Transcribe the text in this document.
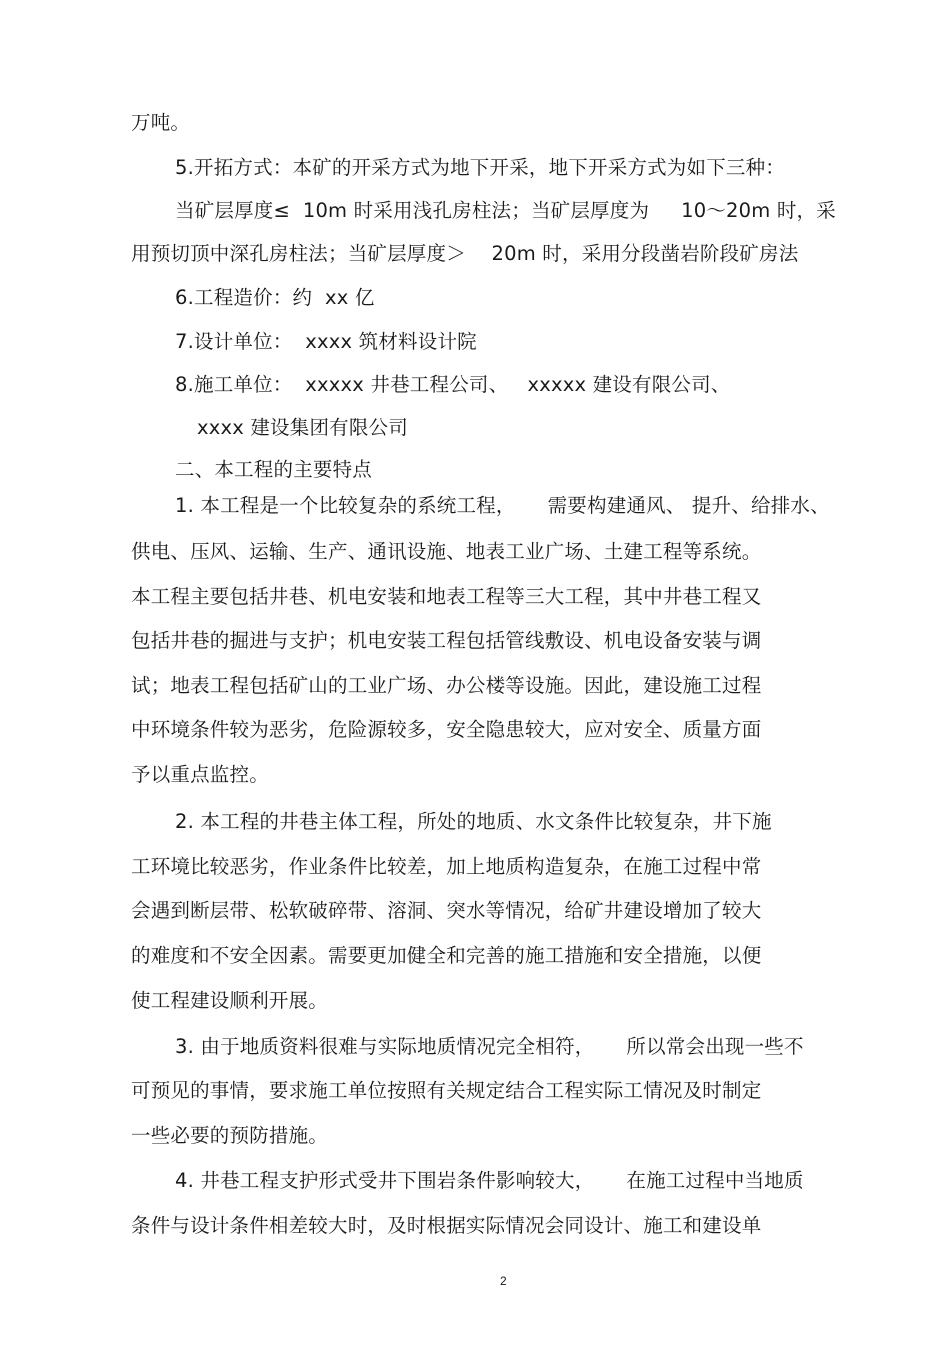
万吨。
5.开拓方式：本矿的开采方式为地下开采，地下开采方式为如下三种：
当矿层厚度≤  10m 时采用浅孔房柱法；当矿层厚度为     10～20m 时，采
用预切顶中深孔房柱法；当矿层厚度＞    20m 时，采用分段凿岩阶段矿房法
6.工程造价：约  xx 亿
7.设计单位：  xxxx 筑材料设计院
8.施工单位：  xxxxx 井巷工程公司、   xxxxx 建设有限公司、
xxxx 建设集团有限公司
二、本工程的主要特点
1. 本工程是一个比较复杂的系统工程，     需要构建通风、 提升、给排水、
供电、压风、运输、生产、通讯设施、地表工业广场、土建工程等系统。
本工程主要包括井巷、机电安装和地表工程等三大工程，其中井巷工程又
包括井巷的掘进与支护；机电安装工程包括管线敷设、机电设备安装与调
试；地表工程包括矿山的工业广场、办公楼等设施。因此，建设施工过程
中环境条件较为恶劣，危险源较多，安全隐患较大，应对安全、质量方面
予以重点监控。
2. 本工程的井巷主体工程，所处的地质、水文条件比较复杂，井下施
工环境比较恶劣，作业条件比较差，加上地质构造复杂，在施工过程中常
会遇到断层带、松软破碎带、溶洞、突水等情况，给矿井建设增加了较大
的难度和不安全因素。需要更加健全和完善的施工措施和安全措施，以便
使工程建设顺利开展。
3. 由于地质资料很难与实际地质情况完全相符，     所以常会出现一些不
可预见的事情，要求施工单位按照有关规定结合工程实际工情况及时制定
一些必要的预防措施。
4. 井巷工程支护形式受井下围岩条件影响较大，     在施工过程中当地质
条件与设计条件相差较大时，及时根据实际情况会同设计、施工和建设单
2
